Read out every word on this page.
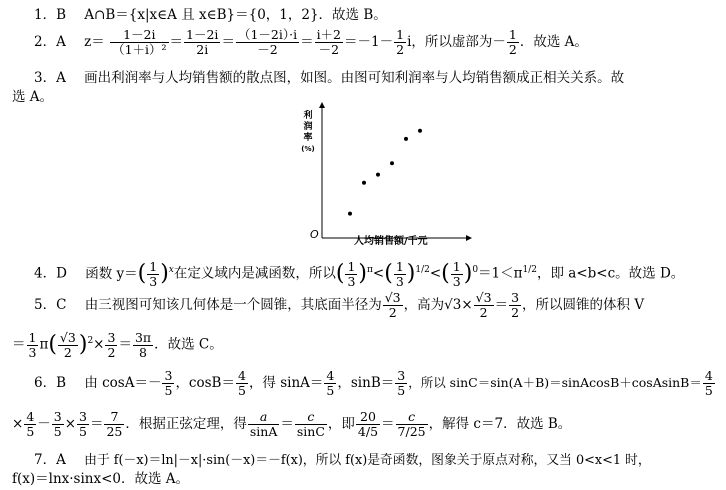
1．B A∩B＝{x|x∈A 且 x∈B}＝{0，1，2}．故选 B。
2．A $z= \frac{1-2i}{\text{（1＋i）²}} = \frac{1-2i}{2i} = \frac{(1-2i)\cdot i}{-2} = \frac{i+2}{-2} =-1- \frac{1}{2}$ i，所以虚部为－ $\frac{1}{2}$ ．故选 A。
3．A 画出利润率与人均销售额的散点图，如图。由图可知利润率与人均销售额成正相关关系。故
选 A。
利
润
率
(%)
O
人均销售额/千元
4．D 函数 $y=( \frac{1}{3} )^x$在定义域内是减函数，所以( $\frac{1}{3} )^\pi<( \frac{1}{3} )^{1/2}<( \frac{1}{3} )^0=1<\pi^{1/2}$，即 a<b<c。故选 D。
5．C 由三视图可知该几何体是一个圆锥，其底面半径为 $\frac{√3}{2}$ ，高为$√3\times \frac{√3}{2} = \frac{3}{2}$ ，所以圆锥的体积 V
＝ $\frac{1}{3} \pi( \frac{√3}{2} )^2\times \frac{3}{2} = \frac{3\pi}{8}$ ．故选 C。
6．B 由 $\cos A=- \frac{3}{5}$ ，$\cos B= \frac{4}{5}$ ，得 $\sin A= \frac{4}{5}$ ，$\sin B= \frac{3}{5}$ ，所以 sinC＝sin(A＋B)＝sinAcosB＋cosAsinB＝ $\frac{4}{5}$
× $\frac{4}{5} - \frac{3}{5} \times \frac{3}{5} = \frac{7}{25}$ ．根据正弦定理，得 $\frac{a}{\sin A} = \frac{c}{\sin C}$ ，即 $\frac{20}{4/5} = \frac{c}{7/25}$ ，解得 c＝7．故选 B。
7．A 由于 f(－x)＝ln|－x|·sin(－x)＝－f(x)，所以 f(x)是奇函数，图象关于原点对称，又当 0<x<1 时，
f(x)＝lnx·sinx<0．故选 A。
